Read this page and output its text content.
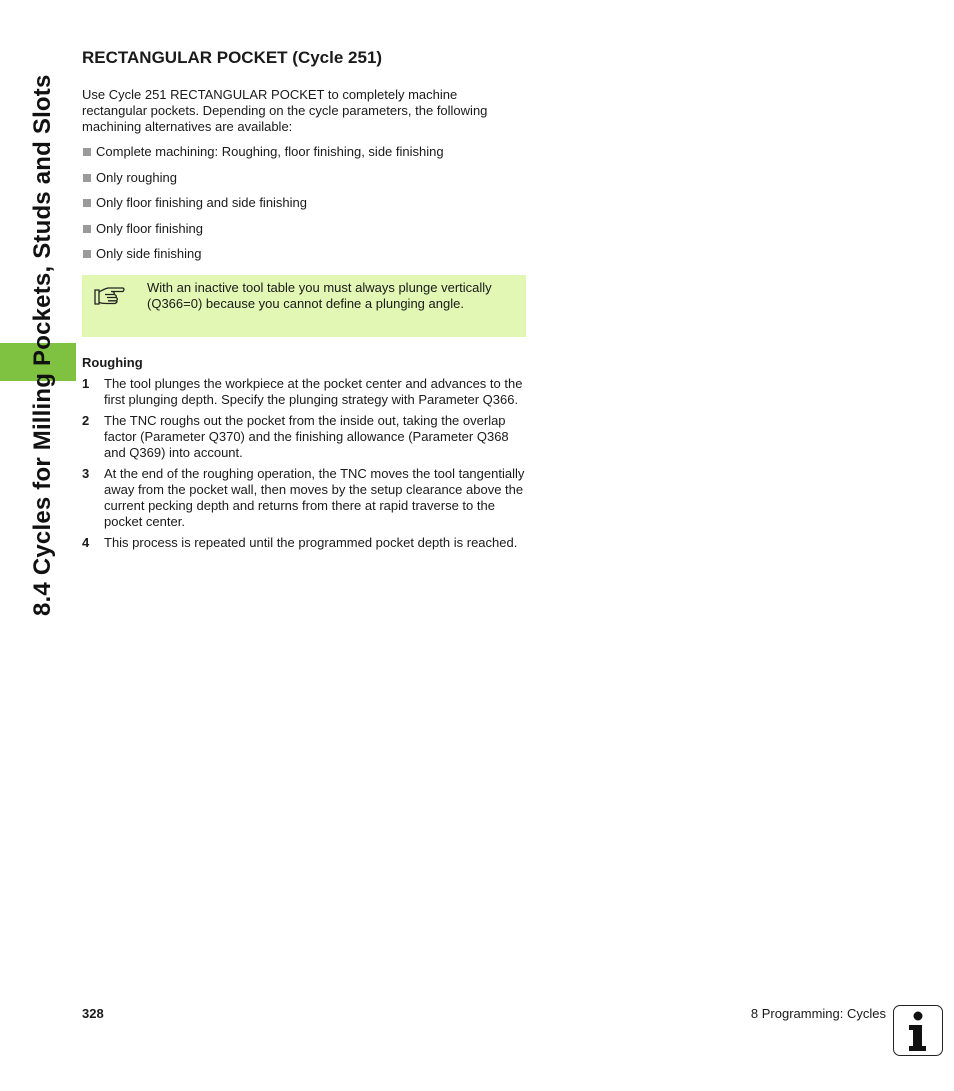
8.4 Cycles for Milling Pockets, Studs and Slots
RECTANGULAR POCKET (Cycle 251)

Use Cycle 251 RECTANGULAR POCKET to completely machine rectangular pockets. Depending on the cycle parameters, the following machining alternatives are available:

Complete machining: Roughing, floor finishing, side finishing
Only roughing
Only floor finishing and side finishing
Only floor finishing
Only side finishing

With an inactive tool table you must always plunge vertically (Q366=0) because you cannot define a plunging angle.

Roughing
1	The tool plunges the workpiece at the pocket center and advances to the first plunging depth. Specify the plunging strategy with Parameter Q366.
2	The TNC roughs out the pocket from the inside out, taking the overlap factor (Parameter Q370) and the finishing allowance (Parameter Q368 and Q369) into account.
3	At the end of the roughing operation, the TNC moves the tool tangentially away from the pocket wall, then moves by the setup clearance above the current pecking depth and returns from there at rapid traverse to the pocket center.
4	This process is repeated until the programmed pocket depth is reached.
328	8 Programming: Cycles
